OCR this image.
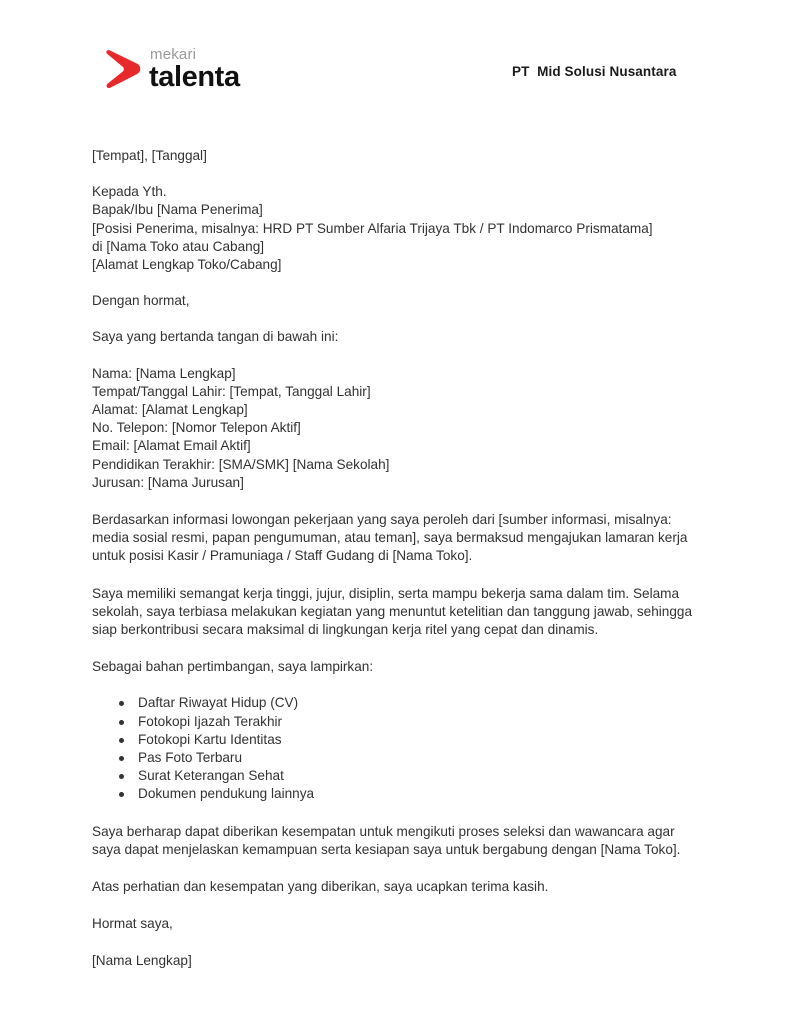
mekari
talenta	PT  Mid Solusi Nusantara
[Tempat], [Tanggal]
Kepada Yth.
Bapak/Ibu [Nama Penerima]
[Posisi Penerima, misalnya: HRD PT Sumber Alfaria Trijaya Tbk / PT Indomarco Prismatama]
di [Nama Toko atau Cabang]
[Alamat Lengkap Toko/Cabang]
Dengan hormat,
Saya yang bertanda tangan di bawah ini:
Nama: [Nama Lengkap]
Tempat/Tanggal Lahir: [Tempat, Tanggal Lahir]
Alamat: [Alamat Lengkap]
No. Telepon: [Nomor Telepon Aktif]
Email: [Alamat Email Aktif]
Pendidikan Terakhir: [SMA/SMK] [Nama Sekolah]
Jurusan: [Nama Jurusan]

Berdasarkan informasi lowongan pekerjaan yang saya peroleh dari [sumber informasi, misalnya: media sosial resmi, papan pengumuman, atau teman], saya bermaksud mengajukan lamaran kerja untuk posisi Kasir / Pramuniaga / Staff Gudang di [Nama Toko].

Saya memiliki semangat kerja tinggi, jujur, disiplin, serta mampu bekerja sama dalam tim. Selama sekolah, saya terbiasa melakukan kegiatan yang menuntut ketelitian dan tanggung jawab, sehingga siap berkontribusi secara maksimal di lingkungan kerja ritel yang cepat dan dinamis.

Sebagai bahan pertimbangan, saya lampirkan:
Daftar Riwayat Hidup (CV)
Fotokopi Ijazah Terakhir
Fotokopi Kartu Identitas
Pas Foto Terbaru
Surat Keterangan Sehat
Dokumen pendukung lainnya

Saya berharap dapat diberikan kesempatan untuk mengikuti proses seleksi dan wawancara agar saya dapat menjelaskan kemampuan serta kesiapan saya untuk bergabung dengan [Nama Toko].

Atas perhatian dan kesempatan yang diberikan, saya ucapkan terima kasih.

Hormat saya,
[Nama Lengkap]
